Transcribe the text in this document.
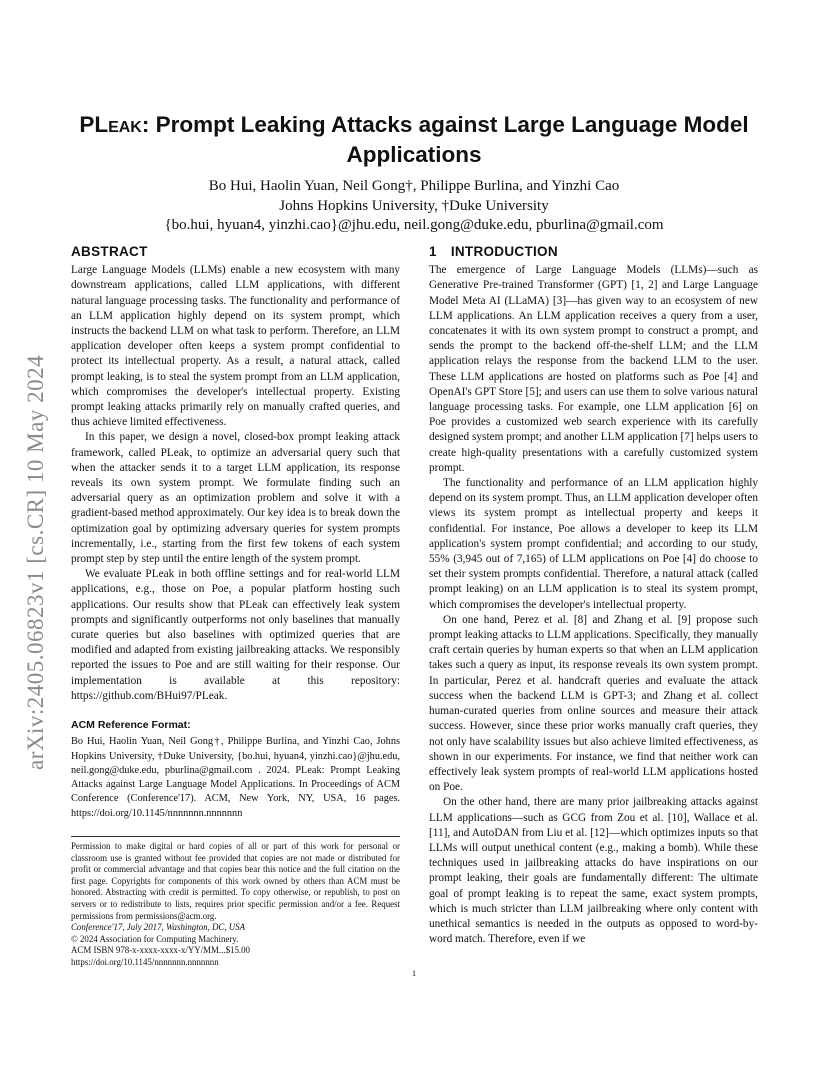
arXiv:2405.06823v1 [cs.CR] 10 May 2024
PLeak: Prompt Leaking Attacks against Large Language Model Applications
Bo Hui, Haolin Yuan, Neil Gong†, Philippe Burlina, and Yinzhi Cao
Johns Hopkins University, †Duke University
{bo.hui, hyuan4, yinzhi.cao}@jhu.edu, neil.gong@duke.edu, pburlina@gmail.com
ABSTRACT

Large Language Models (LLMs) enable a new ecosystem with many downstream applications, called LLM applications, with different natural language processing tasks. The functionality and performance of an LLM application highly depend on its system prompt, which instructs the backend LLM on what task to perform. Therefore, an LLM application developer often keeps a system prompt confidential to protect its intellectual property. As a result, a natural attack, called prompt leaking, is to steal the system prompt from an LLM application, which compromises the developer's intellectual property. Existing prompt leaking attacks primarily rely on manually crafted queries, and thus achieve limited effectiveness.

In this paper, we design a novel, closed-box prompt leaking attack framework, called PLeak, to optimize an adversarial query such that when the attacker sends it to a target LLM application, its response reveals its own system prompt. We formulate finding such an adversarial query as an optimization problem and solve it with a gradient-based method approximately. Our key idea is to break down the optimization goal by optimizing adversary queries for system prompts incrementally, i.e., starting from the first few tokens of each system prompt step by step until the entire length of the system prompt.

We evaluate PLeak in both offline settings and for real-world LLM applications, e.g., those on Poe, a popular platform hosting such applications. Our results show that PLeak can effectively leak system prompts and significantly outperforms not only baselines that manually curate queries but also baselines with optimized queries that are modified and adapted from existing jailbreaking attacks. We responsibly reported the issues to Poe and are still waiting for their response. Our implementation is available at this repository: https://github.com/BHui97/PLeak.

ACM Reference Format:
Bo Hui, Haolin Yuan, Neil Gong†, Philippe Burlina, and Yinzhi Cao, Johns Hopkins University, †Duke University, {bo.hui, hyuan4, yinzhi.cao}@jhu.edu, neil.gong@duke.edu, pburlina@gmail.com . 2024. PLeak: Prompt Leaking Attacks against Large Language Model Applications. In Proceedings of ACM Conference (Conference'17). ACM, New York, NY, USA, 16 pages. https://doi.org/10.1145/nnnnnnn.nnnnnnn
Permission to make digital or hard copies of all or part of this work for personal or classroom use is granted without fee provided that copies are not made or distributed for profit or commercial advantage and that copies bear this notice and the full citation on the first page. Copyrights for components of this work owned by others than ACM must be honored. Abstracting with credit is permitted. To copy otherwise, or republish, to post on servers or to redistribute to lists, requires prior specific permission and/or a fee. Request permissions from permissions@acm.org.
Conference'17, July 2017, Washington, DC, USA
© 2024 Association for Computing Machinery.
ACM ISBN 978-x-xxxx-xxxx-x/YY/MM...$15.00
https://doi.org/10.1145/nnnnnnn.nnnnnnn
1 INTRODUCTION

The emergence of Large Language Models (LLMs)—such as Generative Pre-trained Transformer (GPT) [1, 2] and Large Language Model Meta AI (LLaMA) [3]—has given way to an ecosystem of new LLM applications. An LLM application receives a query from a user, concatenates it with its own system prompt to construct a prompt, and sends the prompt to the backend off-the-shelf LLM; and the LLM application relays the response from the backend LLM to the user. These LLM applications are hosted on platforms such as Poe [4] and OpenAI's GPT Store [5]; and users can use them to solve various natural language processing tasks. For example, one LLM application [6] on Poe provides a customized web search experience with its carefully designed system prompt; and another LLM application [7] helps users to create high-quality presentations with a carefully customized system prompt.

The functionality and performance of an LLM application highly depend on its system prompt. Thus, an LLM application developer often views its system prompt as intellectual property and keeps it confidential. For instance, Poe allows a developer to keep its LLM application's system prompt confidential; and according to our study, 55% (3,945 out of 7,165) of LLM applications on Poe [4] do choose to set their system prompts confidential. Therefore, a natural attack (called prompt leaking) on an LLM application is to steal its system prompt, which compromises the developer's intellectual property.

On one hand, Perez et al. [8] and Zhang et al. [9] propose such prompt leaking attacks to LLM applications. Specifically, they manually craft certain queries by human experts so that when an LLM application takes such a query as input, its response reveals its own system prompt. In particular, Perez et al. handcraft queries and evaluate the attack success when the backend LLM is GPT-3; and Zhang et al. collect human-curated queries from online sources and measure their attack success. However, since these prior works manually craft queries, they not only have scalability issues but also achieve limited effectiveness, as shown in our experiments. For instance, we find that neither work can effectively leak system prompts of real-world LLM applications hosted on Poe.

On the other hand, there are many prior jailbreaking attacks against LLM applications—such as GCG from Zou et al. [10], Wallace et al. [11], and AutoDAN from Liu et al. [12]—which optimizes inputs so that LLMs will output unethical content (e.g., making a bomb). While these techniques used in jailbreaking attacks do have inspirations on our prompt leaking, their goals are fundamentally different: The ultimate goal of prompt leaking is to repeat the same, exact system prompts, which is much stricter than LLM jailbreaking where only content with unethical semantics is needed in the outputs as opposed to word-by-word match. Therefore, even if we

1
